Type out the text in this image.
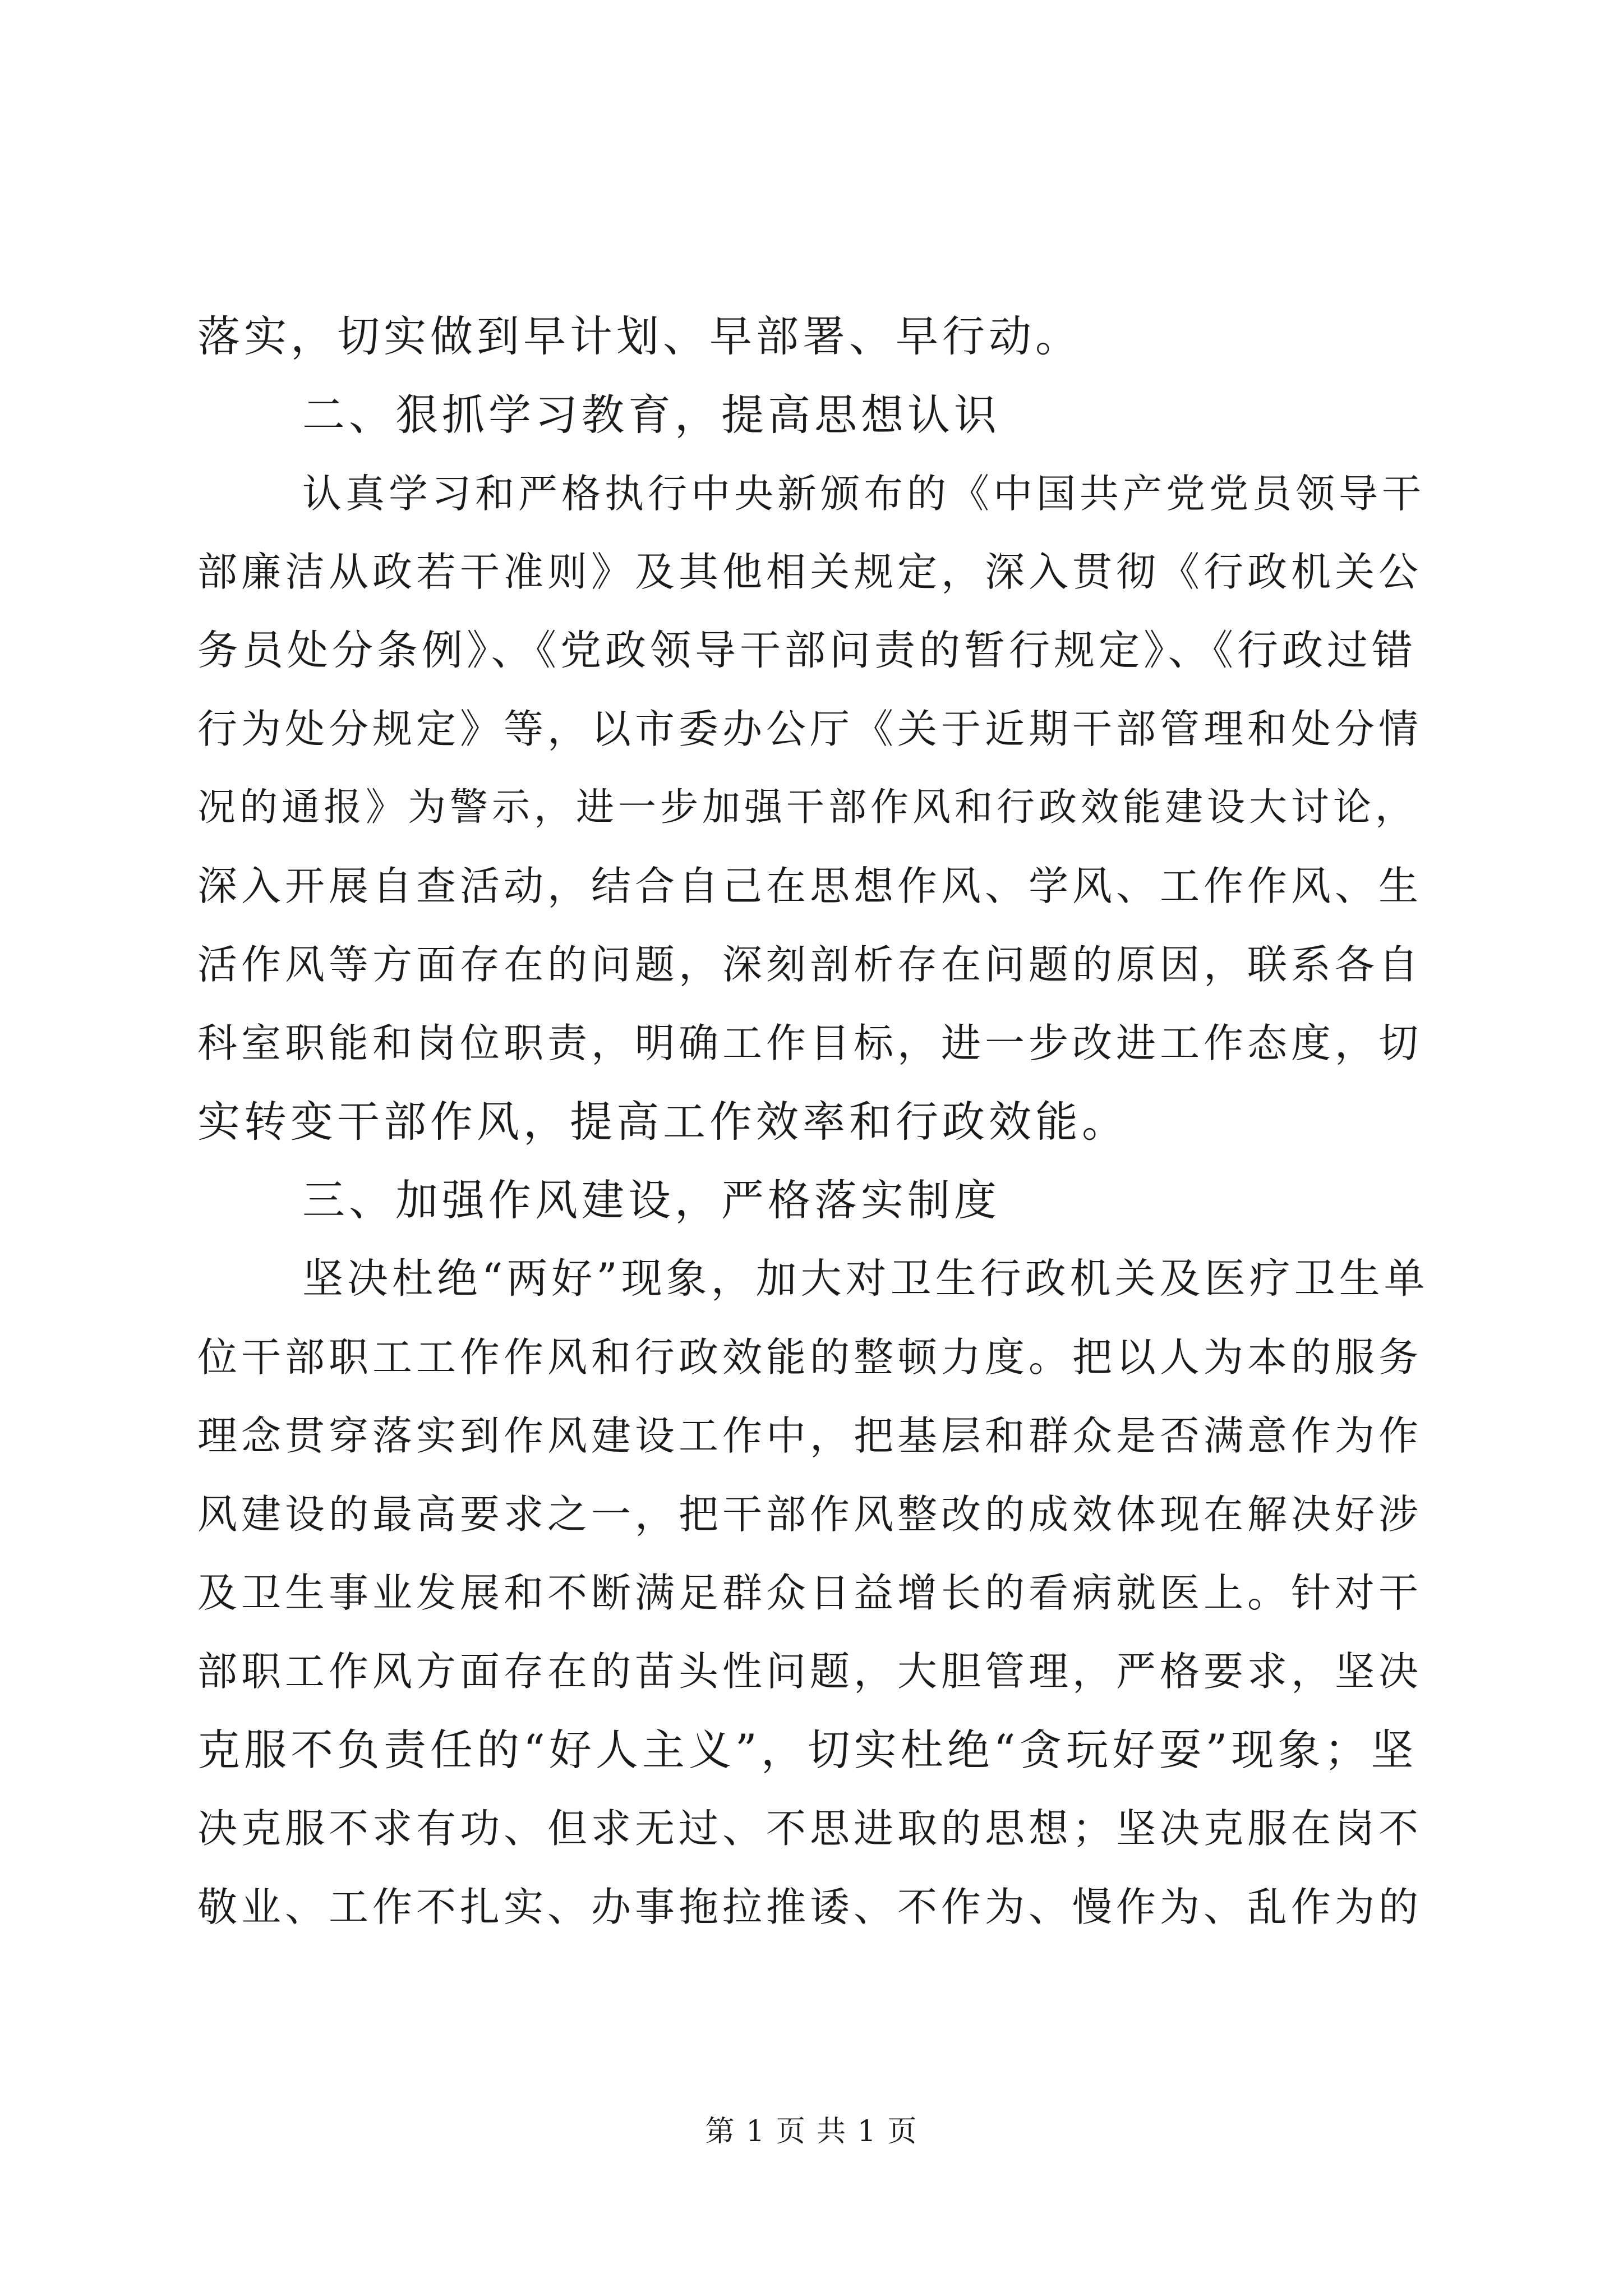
落实，切实做到早计划、早部署、早行动。
二、狠抓学习教育，提高思想认识
认真学习和严格执行中央新颁布的《中国共产党党员领导干
部廉洁从政若干准则》及其他相关规定，深入贯彻《行政机关公
务员处分条例》、《党政领导干部问责的暂行规定》、《行政过错
行为处分规定》等，以市委办公厅《关于近期干部管理和处分情
况的通报》为警示，进一步加强干部作风和行政效能建设大讨论，
深入开展自查活动，结合自己在思想作风、学风、工作作风、生
活作风等方面存在的问题，深刻剖析存在问题的原因，联系各自
科室职能和岗位职责，明确工作目标，进一步改进工作态度，切
实转变干部作风，提高工作效率和行政效能。
三、加强作风建设，严格落实制度
坚决杜绝“两好”现象，加大对卫生行政机关及医疗卫生单
位干部职工工作作风和行政效能的整顿力度。把以人为本的服务
理念贯穿落实到作风建设工作中，把基层和群众是否满意作为作
风建设的最高要求之一，把干部作风整改的成效体现在解决好涉
及卫生事业发展和不断满足群众日益增长的看病就医上。针对干
部职工作风方面存在的苗头性问题，大胆管理，严格要求，坚决
克服不负责任的“好人主义”，切实杜绝“贪玩好耍”现象；坚
决克服不求有功、但求无过、不思进取的思想；坚决克服在岗不
敬业、工作不扎实、办事拖拉推诿、不作为、慢作为、乱作为的
第 1 页 共 1 页
